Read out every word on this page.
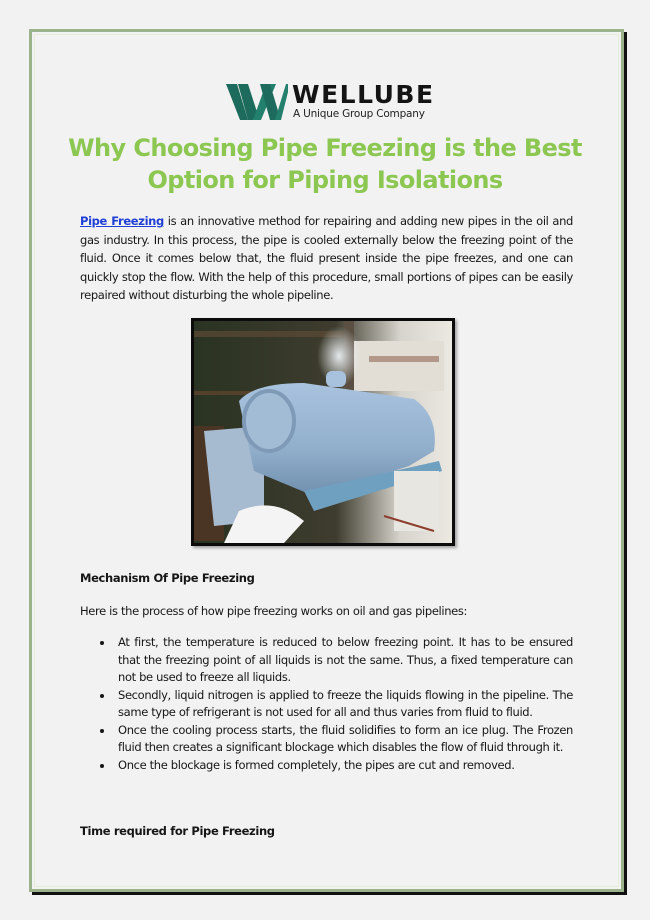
WELLUBE
A Unique Group Company
Why Choosing Pipe Freezing is the Best
Option for Piping Isolations
Pipe Freezing is an innovative method for repairing and adding new pipes in the oil and gas industry. In this process, the pipe is cooled externally below the freezing point of the fluid. Once it comes below that, the fluid present inside the pipe freezes, and one can quickly stop the flow. With the help of this procedure, small portions of pipes can be easily repaired without disturbing the whole pipeline.
Mechanism Of Pipe Freezing
Here is the process of how pipe freezing works on oil and gas pipelines:
At first, the temperature is reduced to below freezing point. It has to be ensured that the freezing point of all liquids is not the same. Thus, a fixed temperature can not be used to freeze all liquids.
Secondly, liquid nitrogen is applied to freeze the liquids flowing in the pipeline. The same type of refrigerant is not used for all and thus varies from fluid to fluid.
Once the cooling process starts, the fluid solidifies to form an ice plug. The Frozen fluid then creates a significant blockage which disables the flow of fluid through it.
Once the blockage is formed completely, the pipes are cut and removed.
Time required for Pipe Freezing
